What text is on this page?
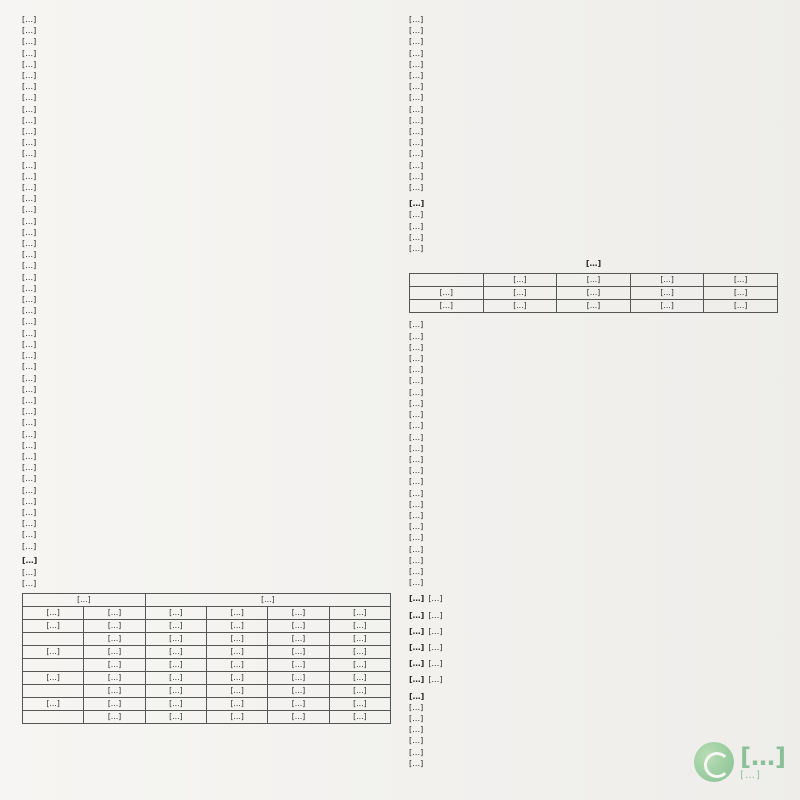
[…]
[…]
[…]
[…]
[…]
[…]
[…]
[…]
[…]
[…]
[…]
[…]
[…]
[…]
[…]
[…]
[…]
[…]
[…]
[…]
[…]
[…]
[…]
[…]
[…]
[…]
[…]
[…]
[…]
[…]
[…]
[…]
[…]
[…]
[…]
[…]
[…]
[…]
[…]
[…]
[…]
[…]
[…]
[…]
[…]
[…]
[…]
[…]
[…]
[…]
[…]
[…]		[…]			
[…]	[…]	[…]	[…]	[…]	[…]
[…]	[…]	[…]	[…]	[…]	[…]
	[…]	[…]	[…]	[…]	[…]
[…]	[…]	[…]	[…]	[…]	[…]
	[…]	[…]	[…]	[…]	[…]
[…]	[…]	[…]	[…]	[…]	[…]
	[…]	[…]	[…]	[…]	[…]
[…]	[…]	[…]	[…]	[…]	[…]
	[…]	[…]	[…]	[…]	[…]
[…]
[…]
[…]
[…]
[…]
[…]
[…]
[…]
[…]
[…]
[…]
[…]
[…]
[…]
[…]
[…]
[…]
[…]
[…]
[…]
[…]
[…]
	[…]	[…]	[…]	[…]
[…]	[…]	[…]	[…]	[…]
[…]	[…]	[…]	[…]	[…]
[…]
[…]
[…]
[…]
[…]
[…]
[…]
[…]
[…]
[…]
[…]
[…]
[…]
[…]
[…]
[…]
[…]
[…]
[…]
[…]
[…]
[…]
[…]
[…]
[…] […]
[…] […]
[…] […]
[…] […]
[…] […]
[…] […]
[…]
[…]
[…]
[…]
[…]
[…]
[…]	[…]
[…]
